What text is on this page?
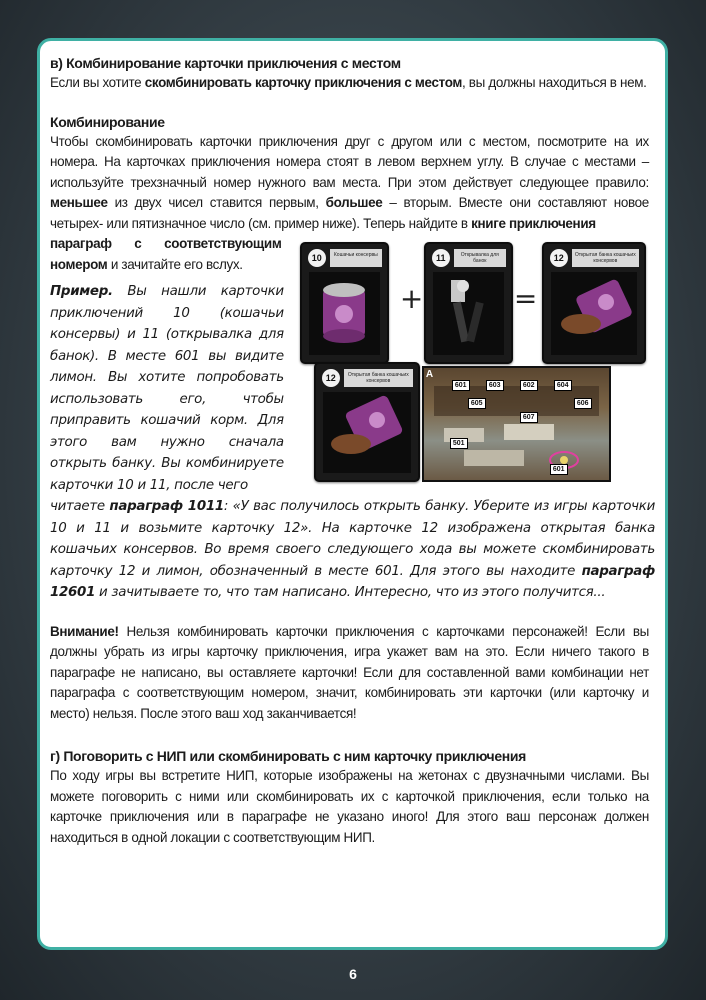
в) Комбинирование карточки приключения с местом

Если вы хотите скомбинировать карточку приключения с местом, вы должны находиться в нем.

Комбинирование

Чтобы скомбинировать карточки приключения друг с другом или с местом, посмотрите на их номера. На карточках приключения номера стоят в левом верхнем углу. В случае с местами – используйте трехзначный номер нужного вам места. При этом действует следующее правило: меньшее из двух чисел ставится первым, большее – вторым. Вместе они составляют новое четырех- или пятизначное число (см. пример ниже). Теперь найдите в книге приключения

параграф с соответствующим номером и зачитайте его вслух.

Пример. Вы нашли карточки приключений 10 (кошачьи консервы) и 11 (открывалка для банок). В месте 601 вы видите лимон. Вы хотите попробовать использовать его, чтобы приправить кошачий корм. Для этого вам нужно сначала открыть банку. Вы комбинируете карточки 10 и 11, после чего

10	Кошачьи консервы
+
11	Открывалка для банок
=
12	Открытая банка кошачьих консервов
12	Открытая банка кошачьих консервов
A
601	603	602	604
605	606
607
501
601

читаете параграф 1011: «У вас получилось открыть банку. Уберите из игры карточки 10 и 11 и возьмите карточку 12». На карточке 12 изображена открытая банка кошачьих консервов. Во время своего следующего хода вы можете скомбинировать карточку 12 и лимон, обозначенный в месте 601. Для этого вы находите параграф 12601 и зачитываете то, что там написано. Интересно, что из этого получится...

Внимание! Нельзя комбинировать карточки приключения с карточками персонажей! Если вы должны убрать из игры карточку приключения, игра укажет вам на это. Если ничего такого в параграфе не написано, вы оставляете карточки! Если для составленной вами комбинации нет параграфа с соответствующим номером, значит, комбинировать эти карточки (или карточку и место) нельзя. После этого ваш ход заканчивается!

г) Поговорить с НИП или скомбинировать с ним карточку приключения

По ходу игры вы встретите НИП, которые изображены на жетонах с двузначными числами. Вы можете поговорить с ними или скомбинировать их с карточкой приключения, если только на карточке приключения или в параграфе не указано иного! Для этого ваш персонаж должен находиться в одной локации с соответствующим НИП.

6
